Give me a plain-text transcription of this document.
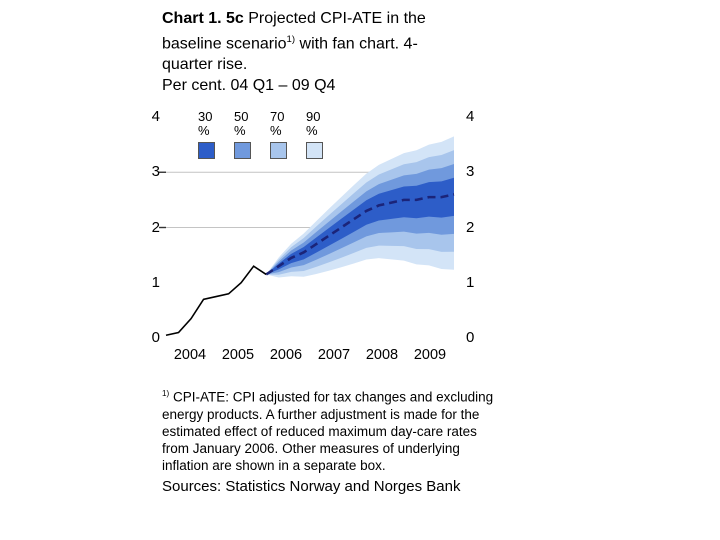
Chart 1. 5c Projected CPI-ATE in the baseline scenario$^{1)}$ with fan chart. 4-quarter rise.
Per cent. 04 Q1 – 09 Q4
30
%
50
%
70
%
90
%
$^{1)}$ CPI-ATE: CPI adjusted for tax changes and excluding energy products. A further adjustment is made for the estimated effect of reduced maximum day-care rates from January 2006. Other measures of underlying inflation are shown in a separate box.
Sources: Statistics Norway and Norges Bank
0	0
1	1
2	2
3	3
4	4
2004	2005	2006	2007	2008	2009
